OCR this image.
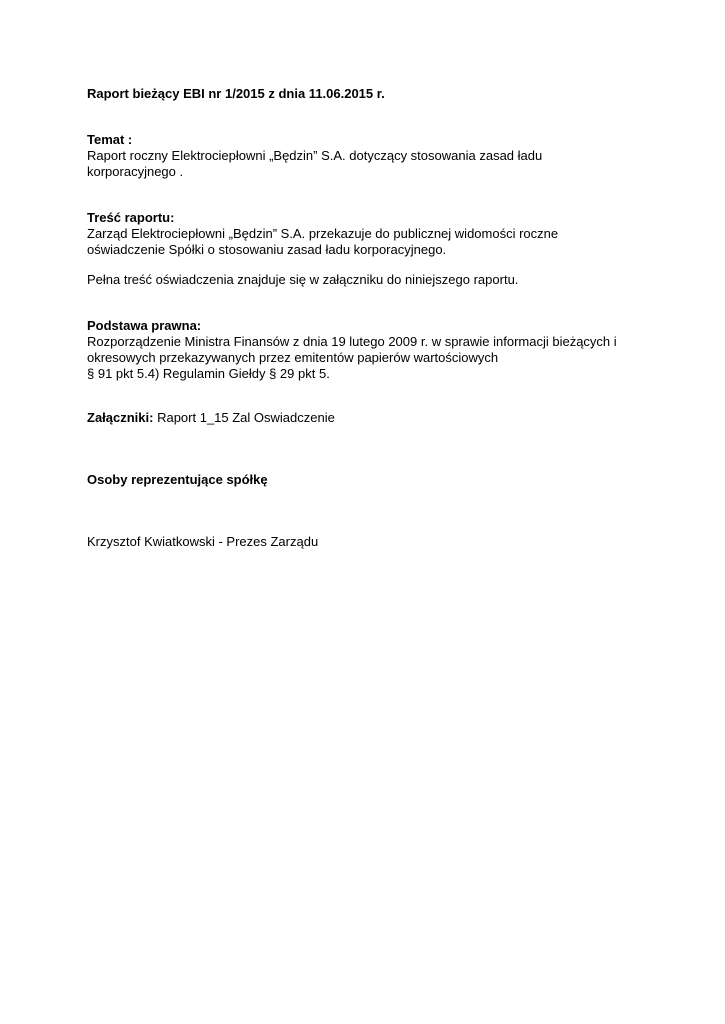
Raport bieżący EBI nr 1/2015 z dnia 11.06.2015 r.
Temat :
Raport roczny Elektrociepłowni „Będzin” S.A. dotyczący stosowania zasad ładu
korporacyjnego .
Treść raportu:
Zarząd Elektrociepłowni „Będzin” S.A. przekazuje do publicznej widomości roczne
oświadczenie Spółki o stosowaniu zasad ładu korporacyjnego.
Pełna treść oświadczenia znajduje się w załączniku do niniejszego raportu.
Podstawa prawna:
Rozporządzenie Ministra Finansów z dnia 19 lutego 2009 r. w sprawie informacji bieżących i
okresowych przekazywanych przez emitentów papierów wartościowych
§ 91 pkt 5.4) Regulamin Giełdy § 29 pkt 5.
Załączniki: Raport 1_15 Zal Oswiadczenie
Osoby reprezentujące spółkę
Krzysztof Kwiatkowski - Prezes Zarządu
